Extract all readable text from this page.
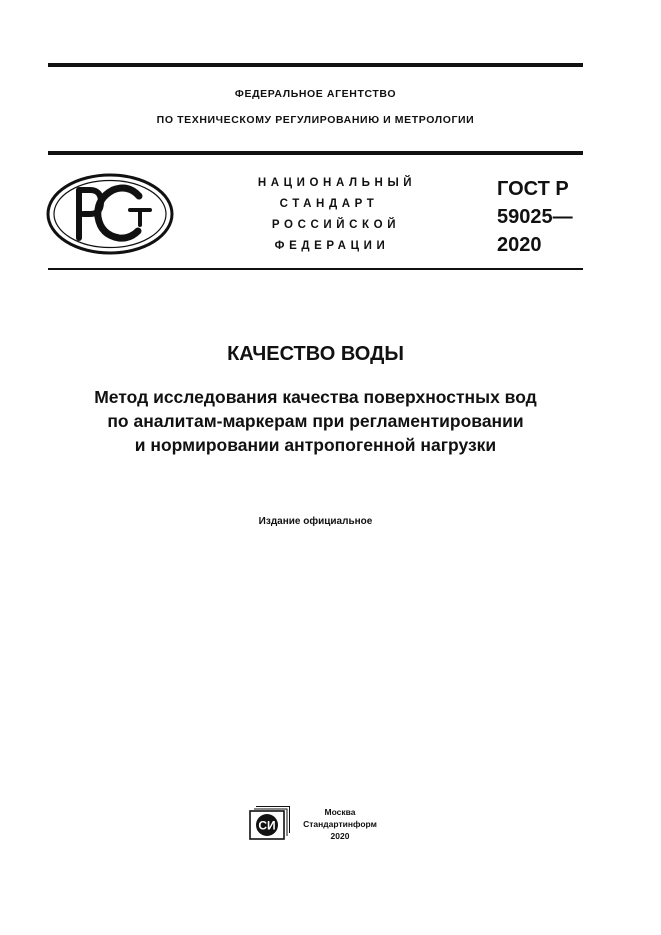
ФЕДЕРАЛЬНОЕ АГЕНТСТВО
ПО ТЕХНИЧЕСКОМУ РЕГУЛИРОВАНИЮ И МЕТРОЛОГИИ
НАЦИОНАЛЬНЫЙ
СТАНДАРТ
РОССИЙСКОЙ
ФЕДЕРАЦИИ
ГОСТ Р
59025—
2020
КАЧЕСТВО ВОДЫ
Метод исследования качества поверхностных вод
по аналитам-маркерам при регламентировании
и нормировании антропогенной нагрузки
Издание официальное
СИ
Москва
Стандартинформ
2020
